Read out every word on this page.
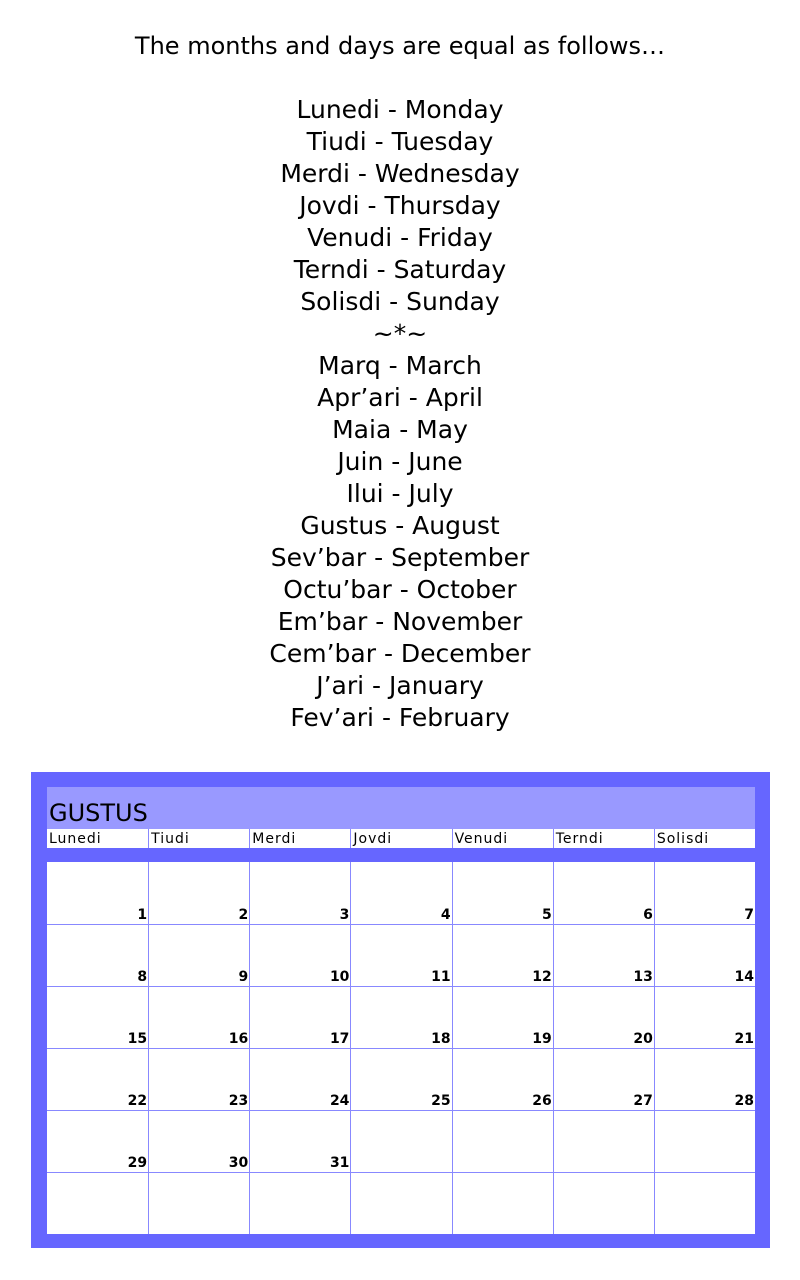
The months and days are equal as follows…

Lunedi - Monday
Tiudi - Tuesday
Merdi - Wednesday
Jovdi - Thursday
Venudi - Friday
Terndi - Saturday
Solisdi - Sunday
~*~
Marq - March
Apr’ari - April
Maia - May
Juin - June
Ilui - July
Gustus - August
Sev’bar - September
Octu’bar - October
Em’bar - November
Cem’bar - December
J’ari - January
Fev’ari - February
GUSTUS
Lunedi	Tiudi	Merdi	Jovdi	Venudi	Terndi	Solisdi
1	2	3	4	5	6	7
8	9	10	11	12	13	14
15	16	17	18	19	20	21
22	23	24	25	26	27	28
29	30	31
